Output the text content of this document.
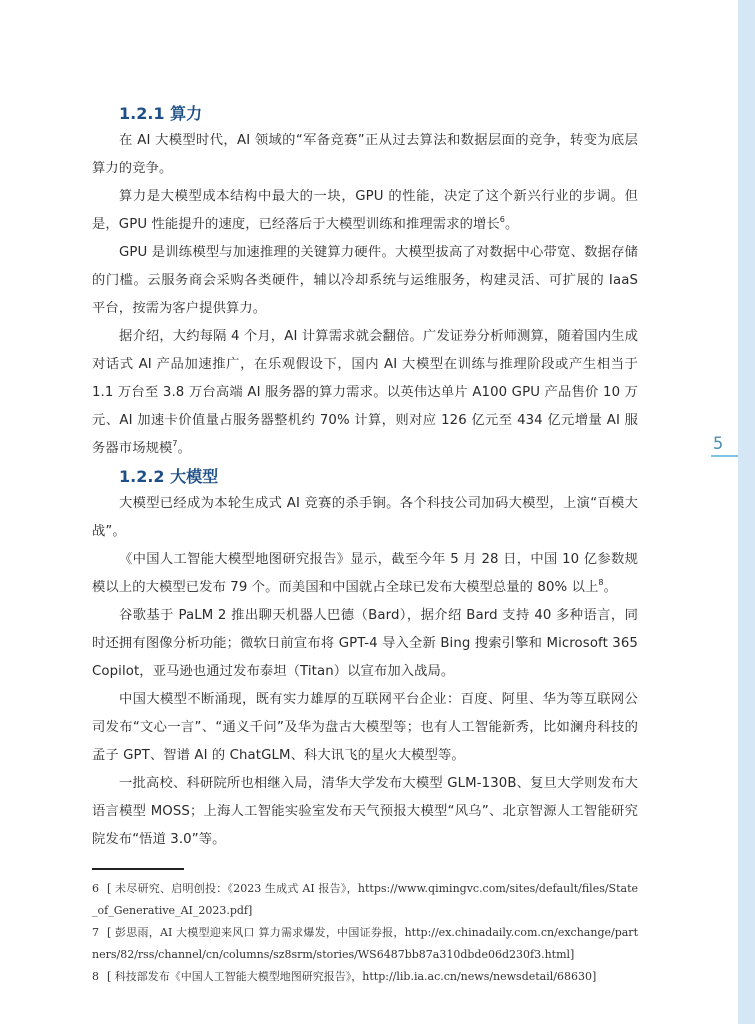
5
1.2.1 算力

在 AI 大模型时代，AI 领域的“军备竞赛”正从过去算法和数据层面的竞争，转变为底层算力的竞争。

算力是大模型成本结构中最大的一块，GPU 的性能，决定了这个新兴行业的步调。但是，GPU 性能提升的速度，已经落后于大模型训练和推理需求的增长$^6$。

GPU 是训练模型与加速推理的关键算力硬件。大模型拔高了对数据中心带宽、数据存储的门槛。云服务商会采购各类硬件，辅以冷却系统与运维服务，构建灵活、可扩展的 IaaS 平台，按需为客户提供算力。

据介绍，大约每隔 4 个月，AI 计算需求就会翻倍。广发证券分析师测算，随着国内生成对话式 AI 产品加速推广，在乐观假设下，国内 AI 大模型在训练与推理阶段或产生相当于 1.1 万台至 3.8 万台高端 AI 服务器的算力需求。以英伟达单片 A100 GPU 产品售价 10 万元、AI 加速卡价值量占服务器整机约 70% 计算，则对应 126 亿元至 434 亿元增量 AI 服务器市场规模$^7$。

1.2.2 大模型

大模型已经成为本轮生成式 AI 竞赛的杀手锏。各个科技公司加码大模型，上演“百模大战”。

《中国人工智能大模型地图研究报告》显示，截至今年 5 月 28 日，中国 10 亿参数规模以上的大模型已发布 79 个。而美国和中国就占全球已发布大模型总量的 80% 以上$^8$。

谷歌基于 PaLM 2 推出聊天机器人巴德（Bard），据介绍 Bard 支持 40 多种语言，同时还拥有图像分析功能；微软日前宣布将 GPT-4 导入全新 Bing 搜索引擎和 Microsoft 365 Copilot，亚马逊也通过发布泰坦（Titan）以宣布加入战局。

中国大模型不断涌现，既有实力雄厚的互联网平台企业：百度、阿里、华为等互联网公司发布“文心一言”、“通义千问”及华为盘古大模型等；也有人工智能新秀，比如澜舟科技的孟子 GPT、智谱 AI 的 ChatGLM、科大讯飞的星火大模型等。

一批高校、科研院所也相继入局，清华大学发布大模型 GLM-130B、复旦大学则发布大语言模型 MOSS；上海人工智能实验室发布天气预报大模型“风乌”、北京智源人工智能研究院发布“悟道 3.0”等。

6 [ 未尽研究、启明创投：《2023 生成式 AI 报告》，https://www.qimingvc.com/sites/default/files/State_of_Generative_AI_2023.pdf]
7 [ 彭思雨，AI 大模型迎来风口 算力需求爆发，中国证券报，http://ex.chinadaily.com.cn/exchange/partners/82/rss/channel/cn/columns/sz8srm/stories/WS6487bb87a310dbde06d230f3.html]
8 [ 科技部发布《中国人工智能大模型地图研究报告》，http://lib.ia.ac.cn/news/newsdetail/68630]
